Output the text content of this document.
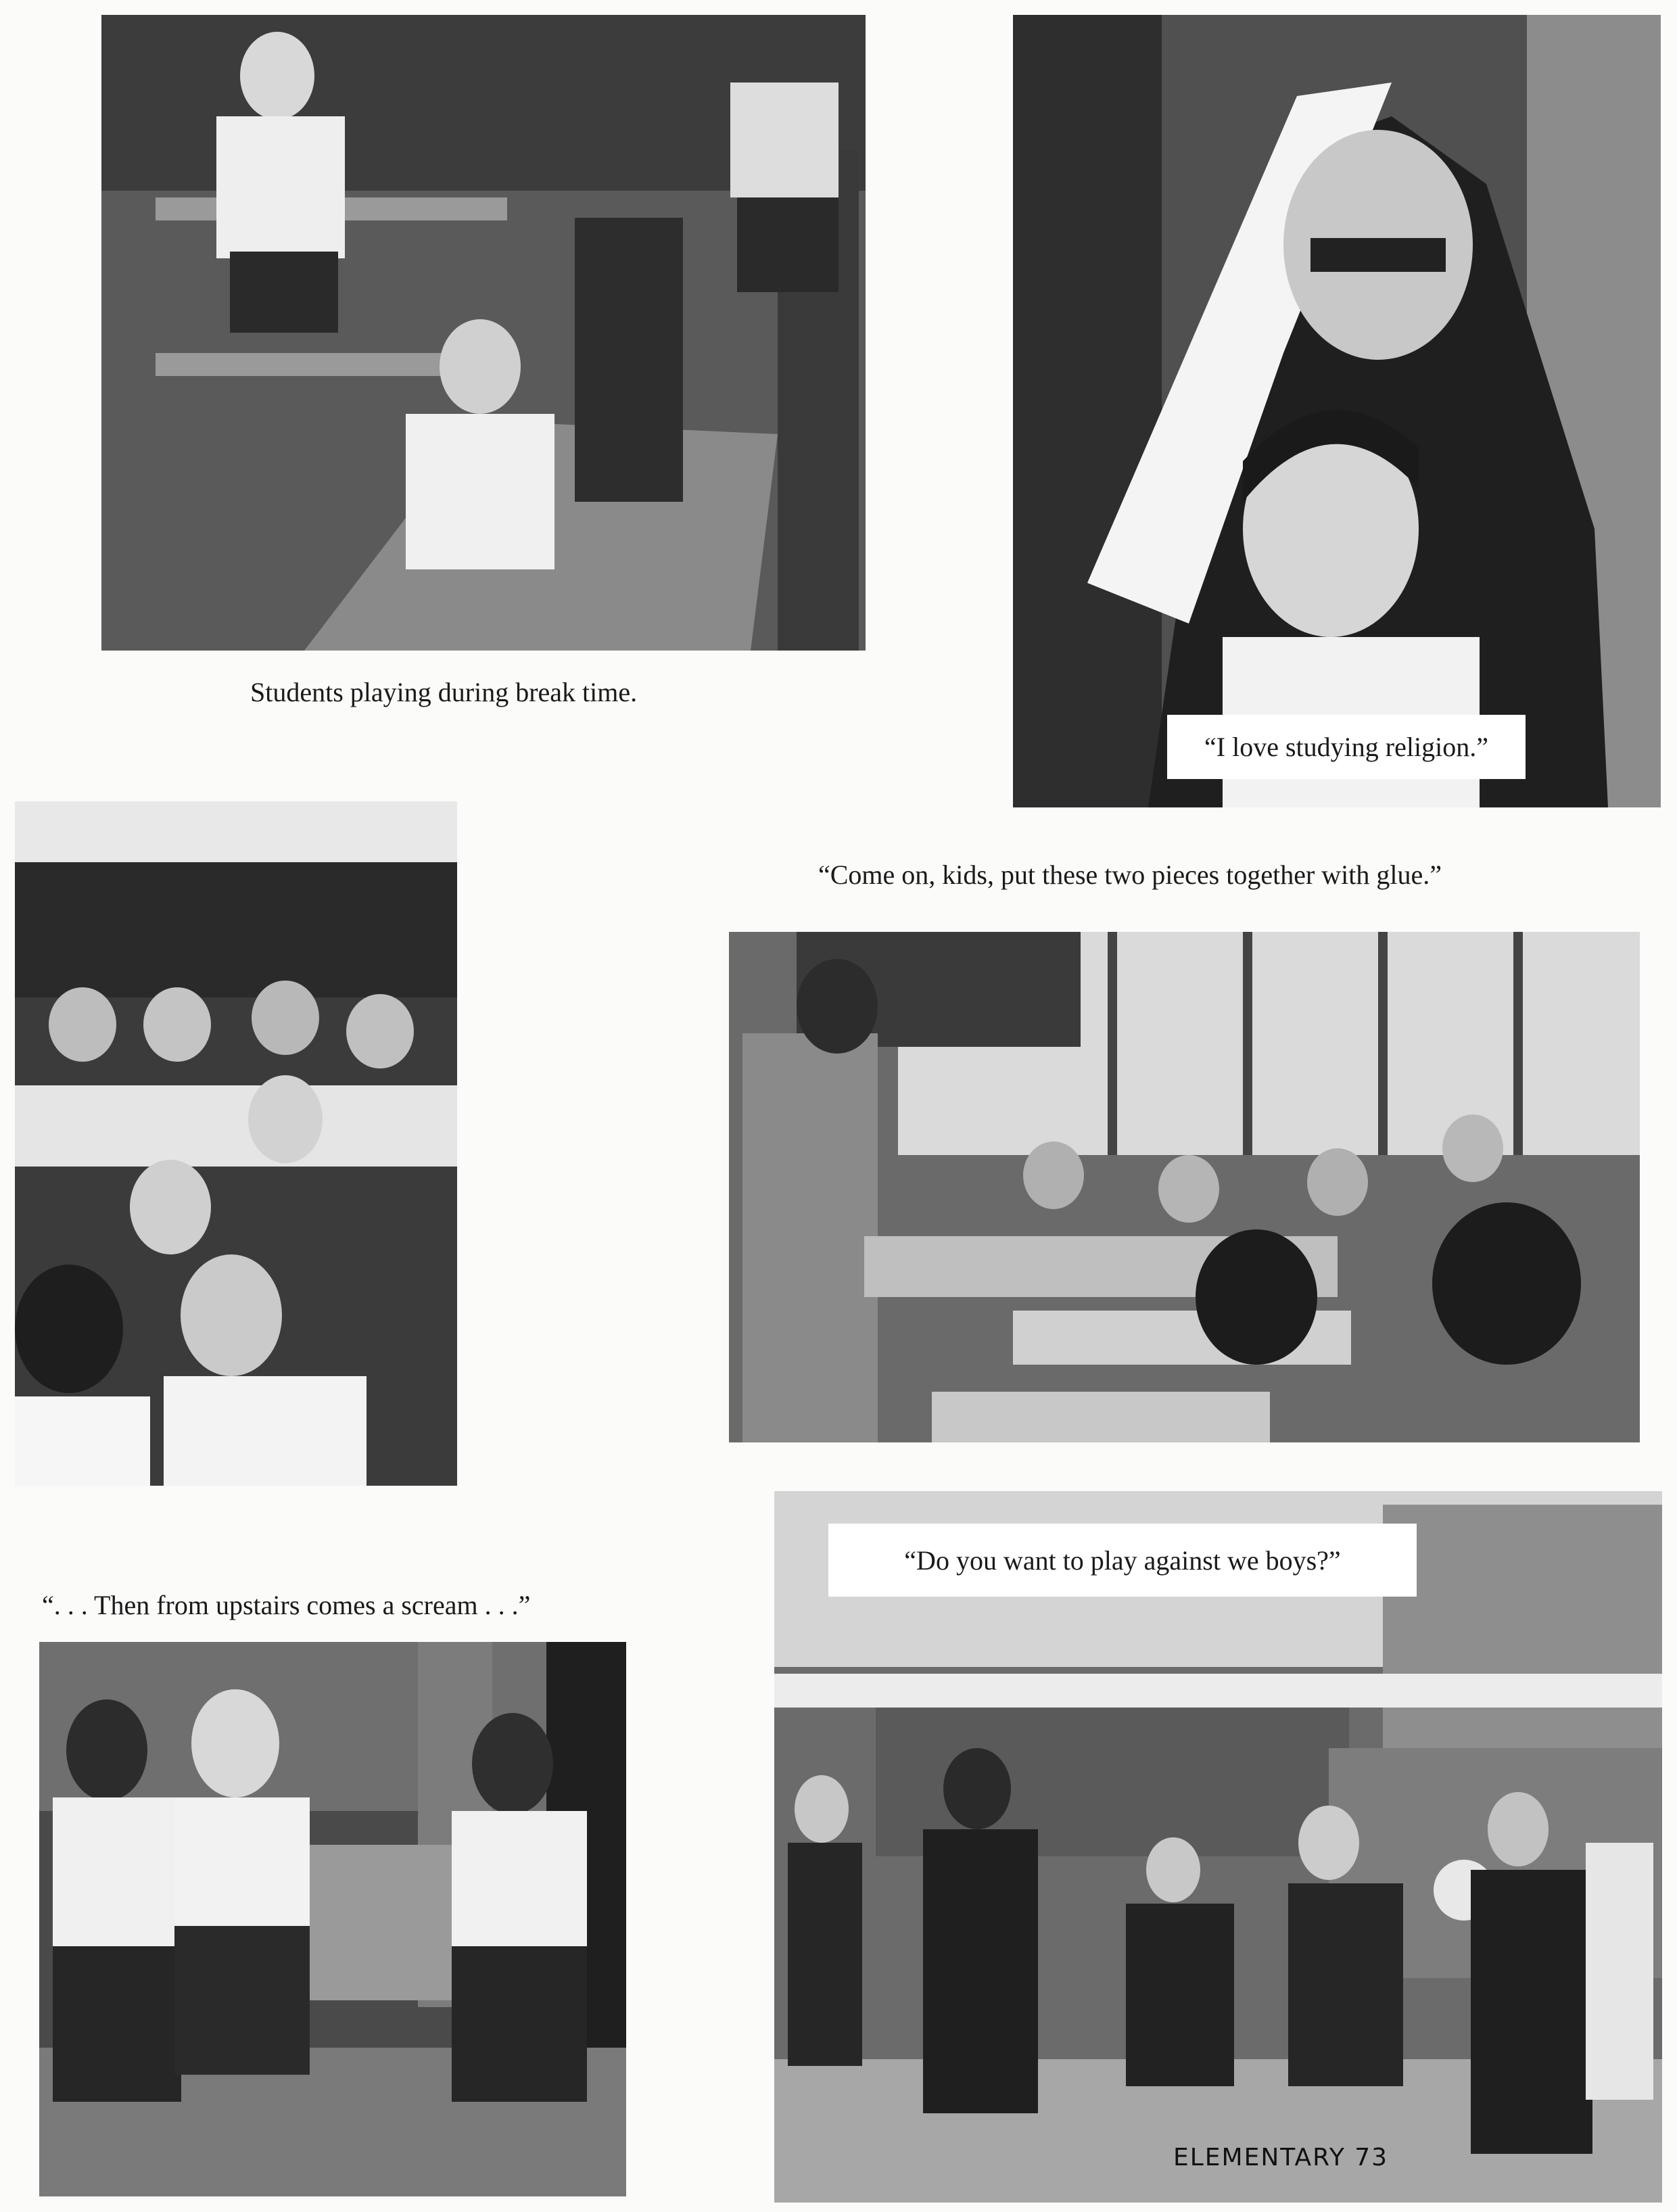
Students playing during break time.
“I love studying religion.”
“Come on, kids, put these two pieces together with glue.”
“. . . Then from upstairs comes a scream . . .”
“Do you want to play against we boys?”
ELEMENTARY 73
